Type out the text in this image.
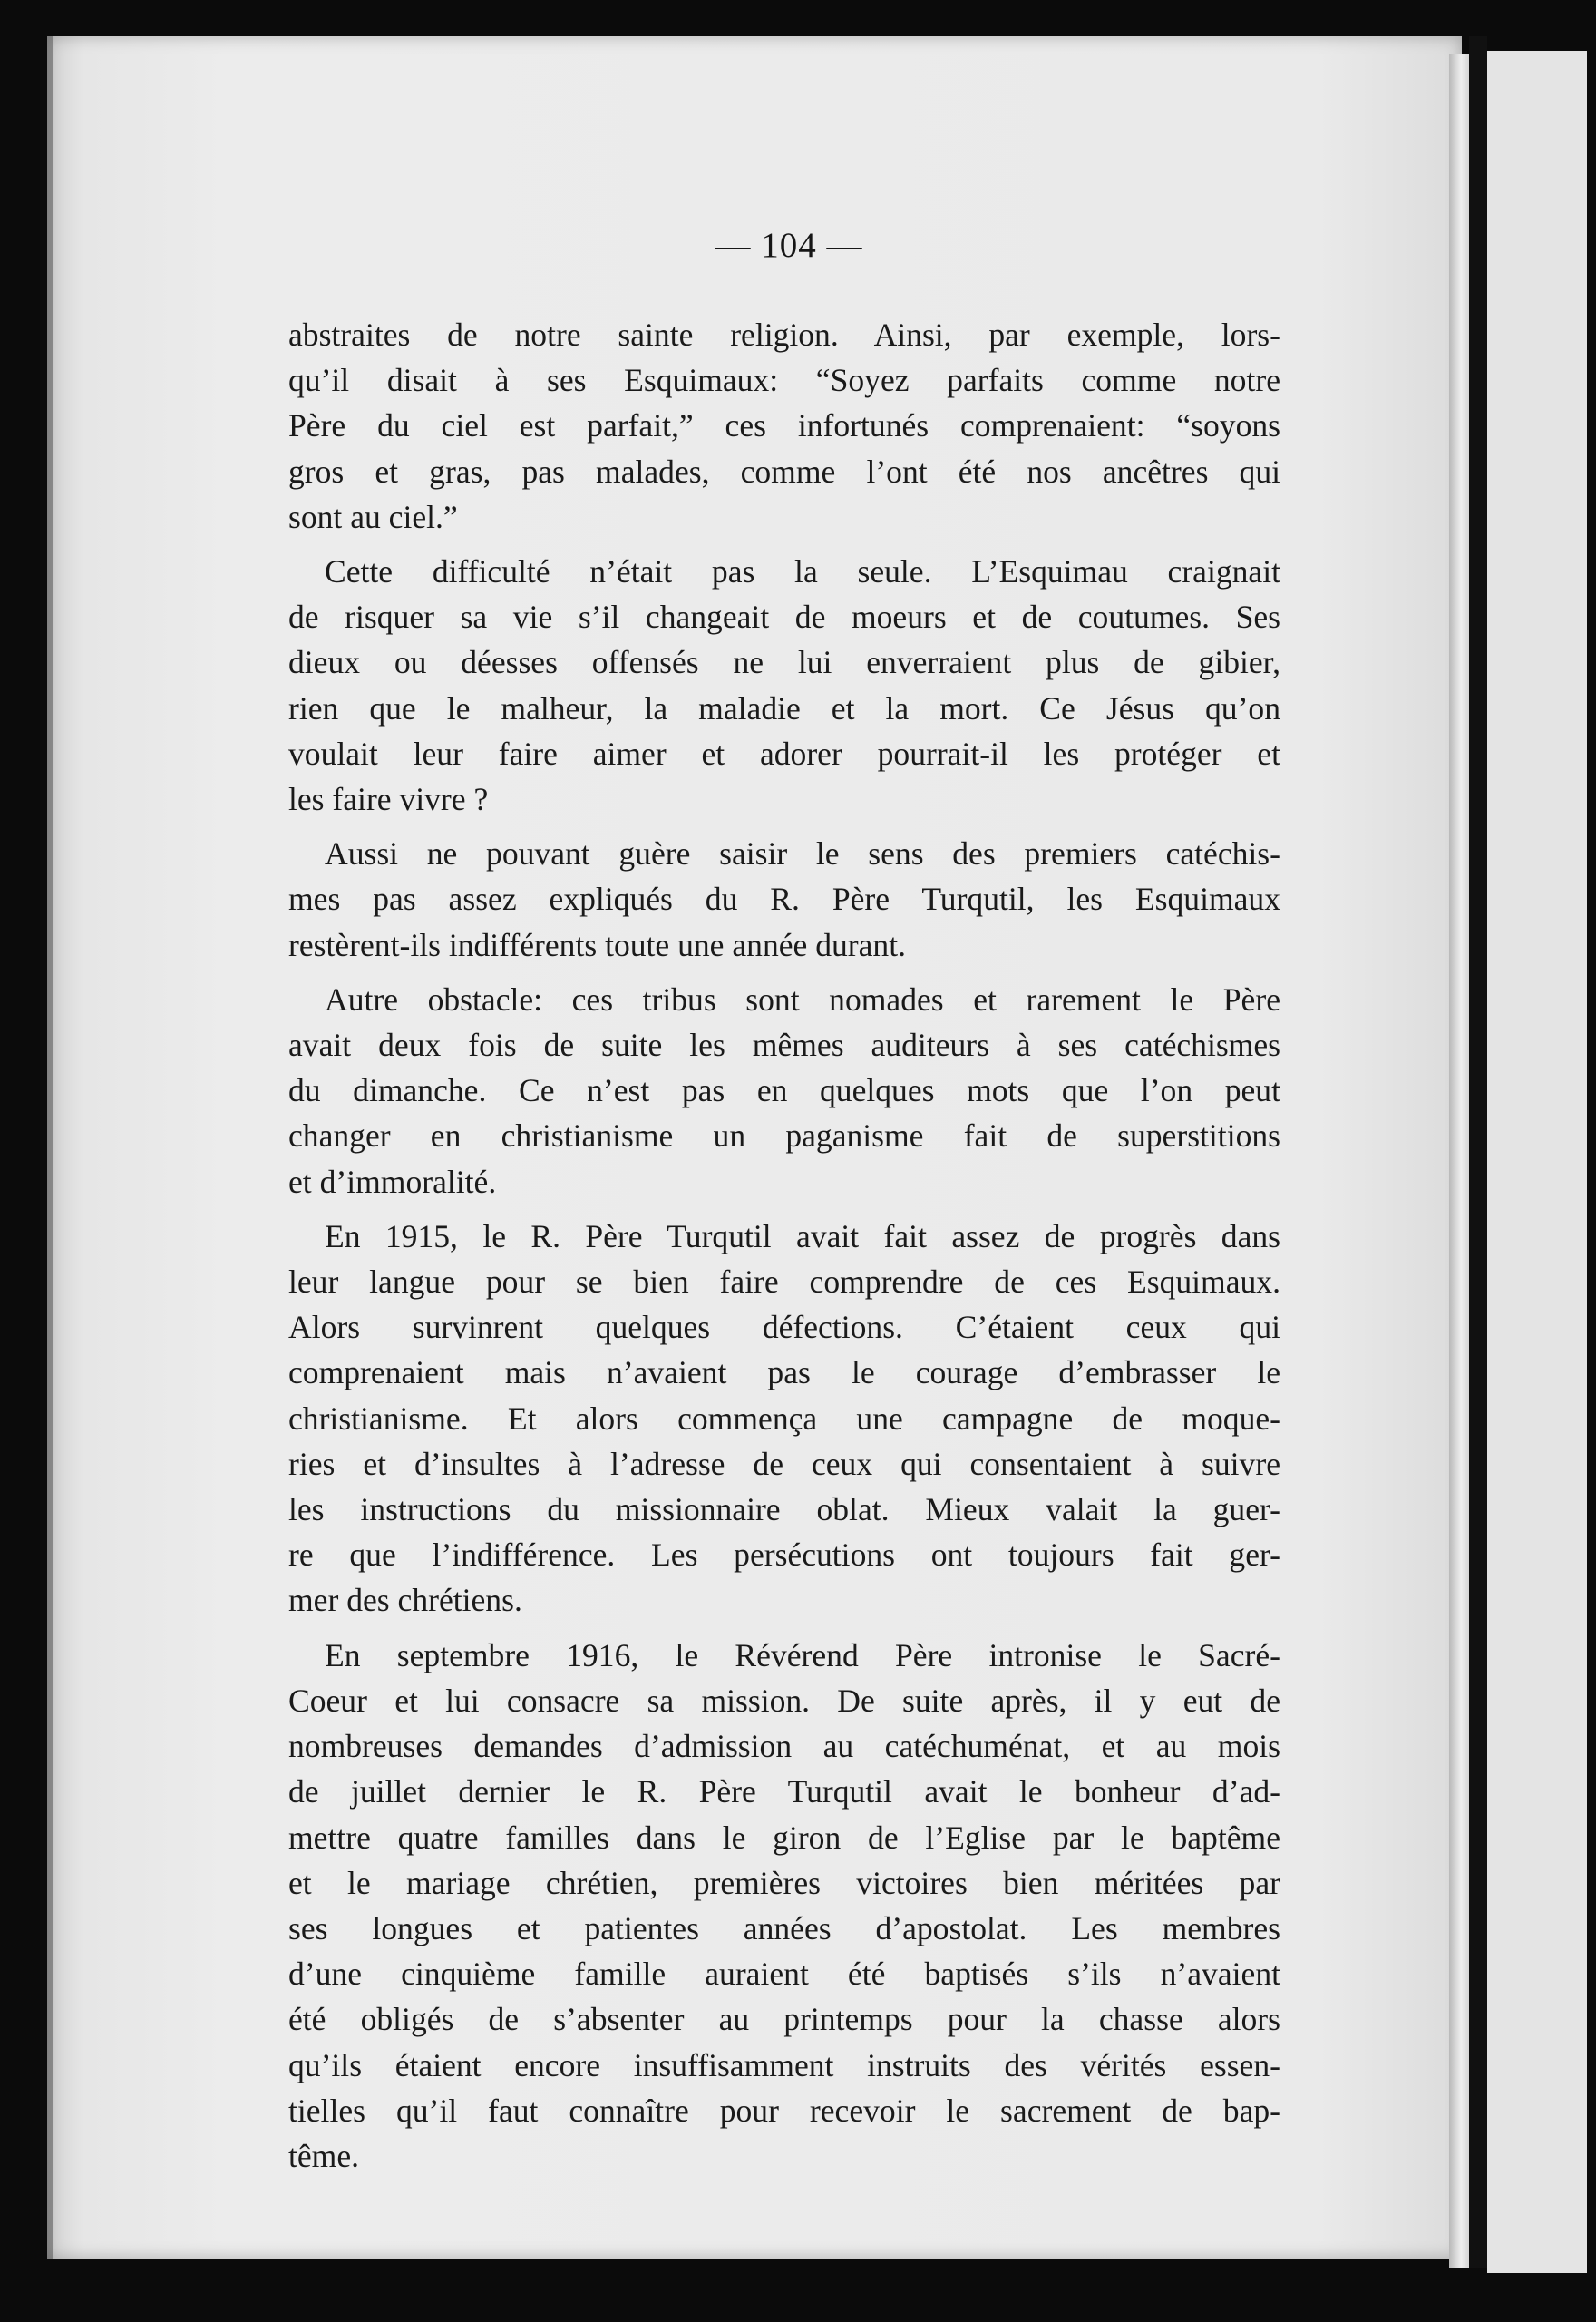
— 104 —

abstraites de notre sainte religion. Ainsi, par exemple, lors-
qu’il disait à ses Esquimaux: “Soyez parfaits comme notre
Père du ciel est parfait,” ces infortunés comprenaient: “soyons
gros et gras, pas malades, comme l’ont été nos ancêtres qui
sont au ciel.”

Cette difficulté n’était pas la seule. L’Esquimau craignait
de risquer sa vie s’il changeait de moeurs et de coutumes. Ses
dieux ou déesses offensés ne lui enverraient plus de gibier,
rien que le malheur, la maladie et la mort. Ce Jésus qu’on
voulait leur faire aimer et adorer pourrait-il les protéger et
les faire vivre ?

Aussi ne pouvant guère saisir le sens des premiers catéchis-
mes pas assez expliqués du R. Père Turqutil, les Esquimaux
restèrent-ils indifférents toute une année durant.

Autre obstacle: ces tribus sont nomades et rarement le Père
avait deux fois de suite les mêmes auditeurs à ses catéchismes
du dimanche. Ce n’est pas en quelques mots que l’on peut
changer en christianisme un paganisme fait de superstitions
et d’immoralité.

En 1915, le R. Père Turqutil avait fait assez de progrès dans
leur langue pour se bien faire comprendre de ces Esquimaux.
Alors survinrent quelques défections. C’étaient ceux qui
comprenaient mais n’avaient pas le courage d’embrasser le
christianisme. Et alors commença une campagne de moque-
ries et d’insultes à l’adresse de ceux qui consentaient à suivre
les instructions du missionnaire oblat. Mieux valait la guer-
re que l’indifférence. Les persécutions ont toujours fait ger-
mer des chrétiens.

En septembre 1916, le Révérend Père intronise le Sacré-
Coeur et lui consacre sa mission. De suite après, il y eut de
nombreuses demandes d’admission au catéchuménat, et au mois
de juillet dernier le R. Père Turqutil avait le bonheur d’ad-
mettre quatre familles dans le giron de l’Eglise par le baptême
et le mariage chrétien, premières victoires bien méritées par
ses longues et patientes années d’apostolat. Les membres
d’une cinquième famille auraient été baptisés s’ils n’avaient
été obligés de s’absenter au printemps pour la chasse alors
qu’ils étaient encore insuffisamment instruits des vérités essen-
tielles qu’il faut connaître pour recevoir le sacrement de bap-
tême.
